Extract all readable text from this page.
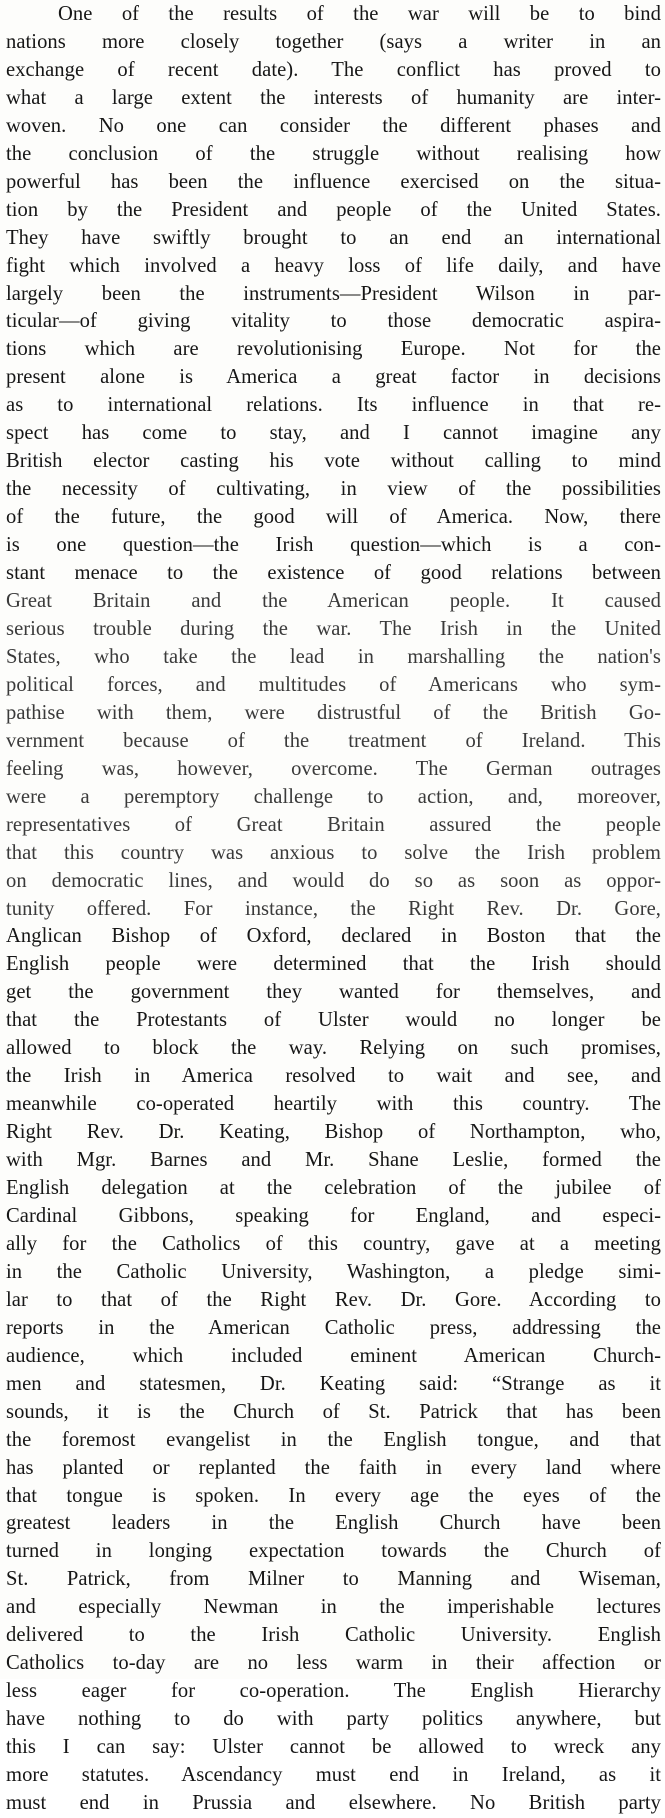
One of the results of the war will be to bind
nations more closely together (says a writer in an
exchange of recent date). The conflict has proved to
what a large extent the interests of humanity are inter-
woven. No one can consider the different phases and
the conclusion of the struggle without realising how
powerful has been the influence exercised on the situa-
tion by the President and people of the United States.
They have swiftly brought to an end an international
fight which involved a heavy loss of life daily, and have
largely been the instruments—President Wilson in par-
ticular—of giving vitality to those democratic aspira-
tions which are revolutionising Europe. Not for the
present alone is America a great factor in decisions
as to international relations. Its influence in that re-
spect has come to stay, and I cannot imagine any
British elector casting his vote without calling to mind
the necessity of cultivating, in view of the possibilities
of the future, the good will of America. Now, there
is one question—the Irish question—which is a con-
stant menace to the existence of good relations between
Great Britain and the American people. It caused
serious trouble during the war. The Irish in the United
States, who take the lead in marshalling the nation's
political forces, and multitudes of Americans who sym-
pathise with them, were distrustful of the British Go-
vernment because of the treatment of Ireland. This
feeling was, however, overcome. The German outrages
were a peremptory challenge to action, and, moreover,
representatives of Great Britain assured the people
that this country was anxious to solve the Irish problem
on democratic lines, and would do so as soon as oppor-
tunity offered. For instance, the Right Rev. Dr. Gore,
Anglican Bishop of Oxford, declared in Boston that the
English people were determined that the Irish should
get the government they wanted for themselves, and
that the Protestants of Ulster would no longer be
allowed to block the way. Relying on such promises,
the Irish in America resolved to wait and see, and
meanwhile co-operated heartily with this country. The
Right Rev. Dr. Keating, Bishop of Northampton, who,
with Mgr. Barnes and Mr. Shane Leslie, formed the
English delegation at the celebration of the jubilee of
Cardinal Gibbons, speaking for England, and especi-
ally for the Catholics of this country, gave at a meeting
in the Catholic University, Washington, a pledge simi-
lar to that of the Right Rev. Dr. Gore. According to
reports in the American Catholic press, addressing the
audience, which included eminent American Church-
men and statesmen, Dr. Keating said: “Strange as it
sounds, it is the Church of St. Patrick that has been
the foremost evangelist in the English tongue, and that
has planted or replanted the faith in every land where
that tongue is spoken. In every age the eyes of the
greatest leaders in the English Church have been
turned in longing expectation towards the Church of
St. Patrick, from Milner to Manning and Wiseman,
and especially Newman in the imperishable lectures
delivered to the Irish Catholic University. English
Catholics to-day are no less warm in their affection or
less eager for co-operation. The English Hierarchy
have nothing to do with party politics anywhere, but
this I can say: Ulster cannot be allowed to wreck any
more statutes. Ascendancy must end in Ireland, as it
must end in Prussia and elsewhere. No British party
